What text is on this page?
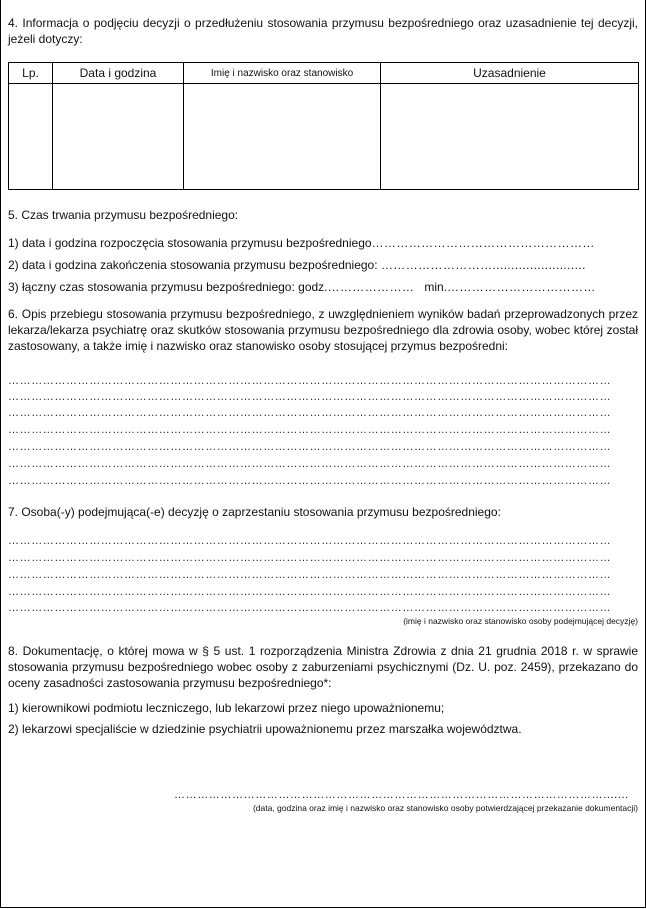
4. Informacja o podjęciu decyzji o przedłużeniu stosowania przymusu bezpośredniego oraz uzasadnienie tej decyzji, jeżeli dotyczy:
Lp.	Data i godzina	Imię i nazwisko oraz stanowisko	Uzasadnienie

5. Czas trwania przymusu bezpośredniego:
1) data i godzina rozpoczęcia stosowania przymusu bezpośredniego………………………………………………
2) data i godzina zakończenia stosowania przymusu bezpośredniego: ……………………….........................
3) łączny czas stosowania przymusu bezpośredniego: godz.………………… min.………………………………
6. Opis przebiegu stosowania przymusu bezpośredniego, z uwzględnieniem wyników badań przeprowadzonych przez lekarza/lekarza psychiatrę oraz skutków stosowania przymusu bezpośredniego dla zdrowia osoby, wobec której został zastosowany, a także imię i nazwisko oraz stanowisko osoby stosującej przymus bezpośredni:
…………………………………………………………………………………………………………………………………………
…………………………………………………………………………………………………………………………………………
…………………………………………………………………………………………………………………………………………
…………………………………………………………………………………………………………………………………………
…………………………………………………………………………………………………………………………………………
…………………………………………………………………………………………………………………………………………
…………………………………………………………………………………………………………………………………………
7. Osoba(-y) podejmująca(-e) decyzję o zaprzestaniu stosowania przymusu bezpośredniego:
…………………………………………………………………………………………………………………………………………
…………………………………………………………………………………………………………………………………………
…………………………………………………………………………………………………………………………………………
…………………………………………………………………………………………………………………………………………
…………………………………………………………………………………………………………………………………………
(imię i nazwisko oraz stanowisko osoby podejmującej decyzję)
8. Dokumentację, o której mowa w § 5 ust. 1 rozporządzenia Ministra Zdrowia z dnia 21 grudnia 2018 r. w sprawie stosowania przymusu bezpośredniego wobec osoby z zaburzeniami psychicznymi (Dz. U. poz. 2459), przekazano do oceny zasadności zastosowania przymusu bezpośredniego*:
1) kierownikowi podmiotu leczniczego, lub lekarzowi przez niego upoważnionemu;
2) lekarzowi specjaliście w dziedzinie psychiatrii upoważnionemu przez marszałka województwa.
………………………………………………………………………………………………….......
(data, godzina oraz imię i nazwisko oraz stanowisko osoby potwierdzającej przekazanie dokumentacji)
